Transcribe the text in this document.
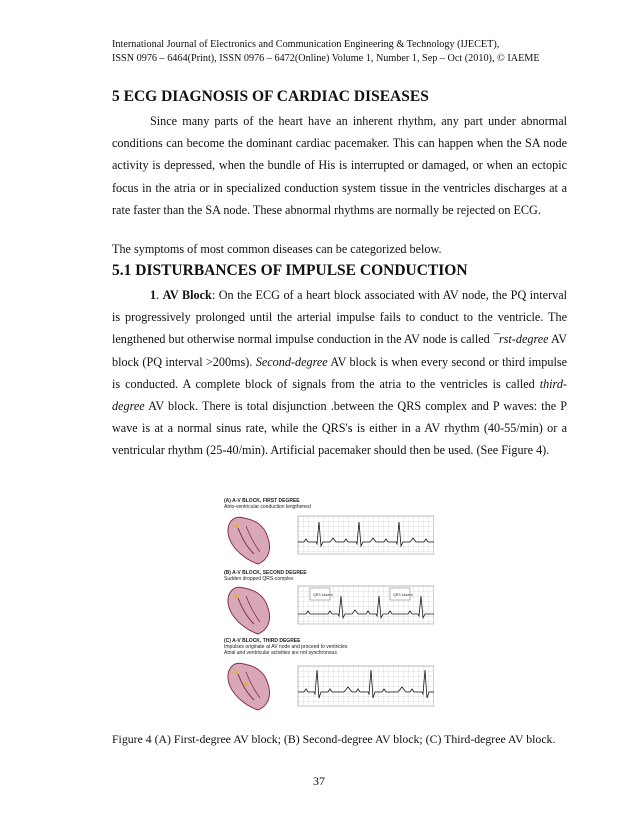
International Journal of Electronics and Communication Engineering & Technology (IJECET),
ISSN 0976 – 6464(Print), ISSN 0976 – 6472(Online) Volume 1, Number 1, Sep – Oct (2010), © IAEME
5 ECG DIAGNOSIS OF CARDIAC DISEASES

Since many parts of the heart have an inherent rhythm, any part under abnormal conditions can become the dominant cardiac pacemaker. This can happen when the SA node activity is depressed, when the bundle of His is interrupted or damaged, or when an ectopic focus in the atria or in specialized conduction system tissue in the ventricles discharges at a rate faster than the SA node. These abnormal rhythms are normally be rejected on ECG.

The symptoms of most common diseases can be categorized below.

5.1 DISTURBANCES OF IMPULSE CONDUCTION

1. AV Block: On the ECG of a heart block associated with AV node, the PQ interval is progressively prolonged until the arterial impulse fails to conduct to the ventricle. The lengthened but otherwise normal impulse conduction in the AV node is called ¯rst-degree AV block (PQ interval >200ms). Second-degree AV block is when every second or third impulse is conducted. A complete block of signals from the atria to the ventricles is called third-degree AV block. There is total disjunction .between the QRS complex and P waves: the P wave is at a normal sinus rate, while the QRS's is either in a AV rhythm (40-55/min) or a ventricular rhythm (25-40/min). Artificial pacemaker should then be used. (See Figure 4).

(A) A-V BLOCK, FIRST DEGREE
Atrio-ventricular conduction lengthened
(B) A-V BLOCK, SECOND DEGREE
Sudden dropped QRS-complex
QRS absent	QRS absent
(C) A-V BLOCK, THIRD DEGREE
Impulses originate at AV node and proceed to ventricles
Atrial and ventricular activities are not synchronous
Figure 4 (A) First-degree AV block; (B) Second-degree AV block; (C) Third-degree AV block.
37
